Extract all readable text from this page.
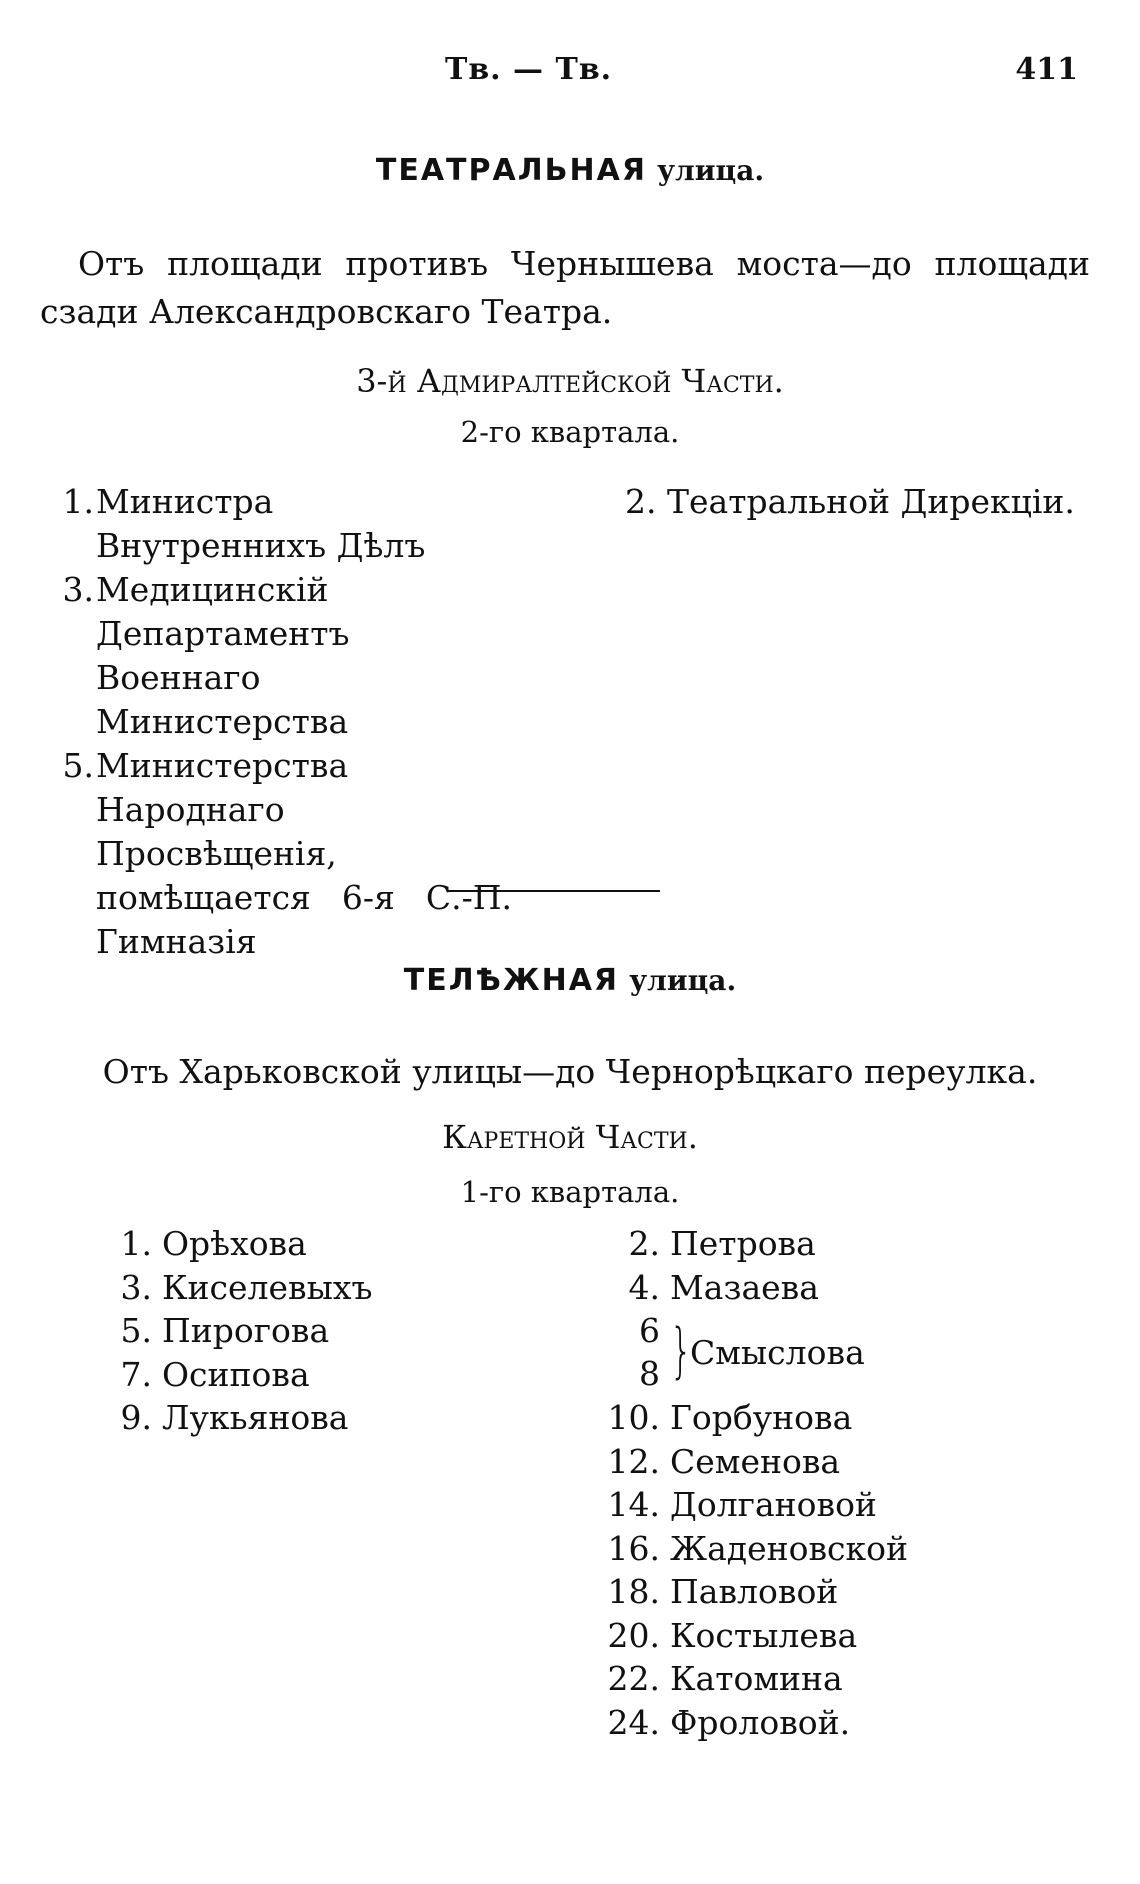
Тв. — Тв.	411
ТЕАТРАЛЬНАЯ улица.
Отъ площади противъ Чернышева моста—до площади сзади Александровскаго Театра.
3-й Адмиралтейской Части.
2-го квартала.
1. Министра Внутреннихъ Дѣлъ
3. Медицинскій Департаментъ Военнаго Министерства
5. Министерства Народнаго Просвѣщенія, помѣщается 6-я С.-П. Гимназія
2. Театральной Дирекціи.
ТЕЛѢЖНАЯ улица.
Отъ Харьковской улицы—до Чернорѣцкаго переулка.
Каретной Части.
1-го квартала.
1. Орѣхова
3. Киселевыхъ
5. Пирогова
7. Осипова
9. Лукьянова
2. Петрова
4. Мазаева
6
8 }
Смыслова
10. Горбунова
12. Семенова
14. Долгановой
16. Жаденовской
18. Павловой
20. Костылева
22. Катомина
24. Фроловой.
